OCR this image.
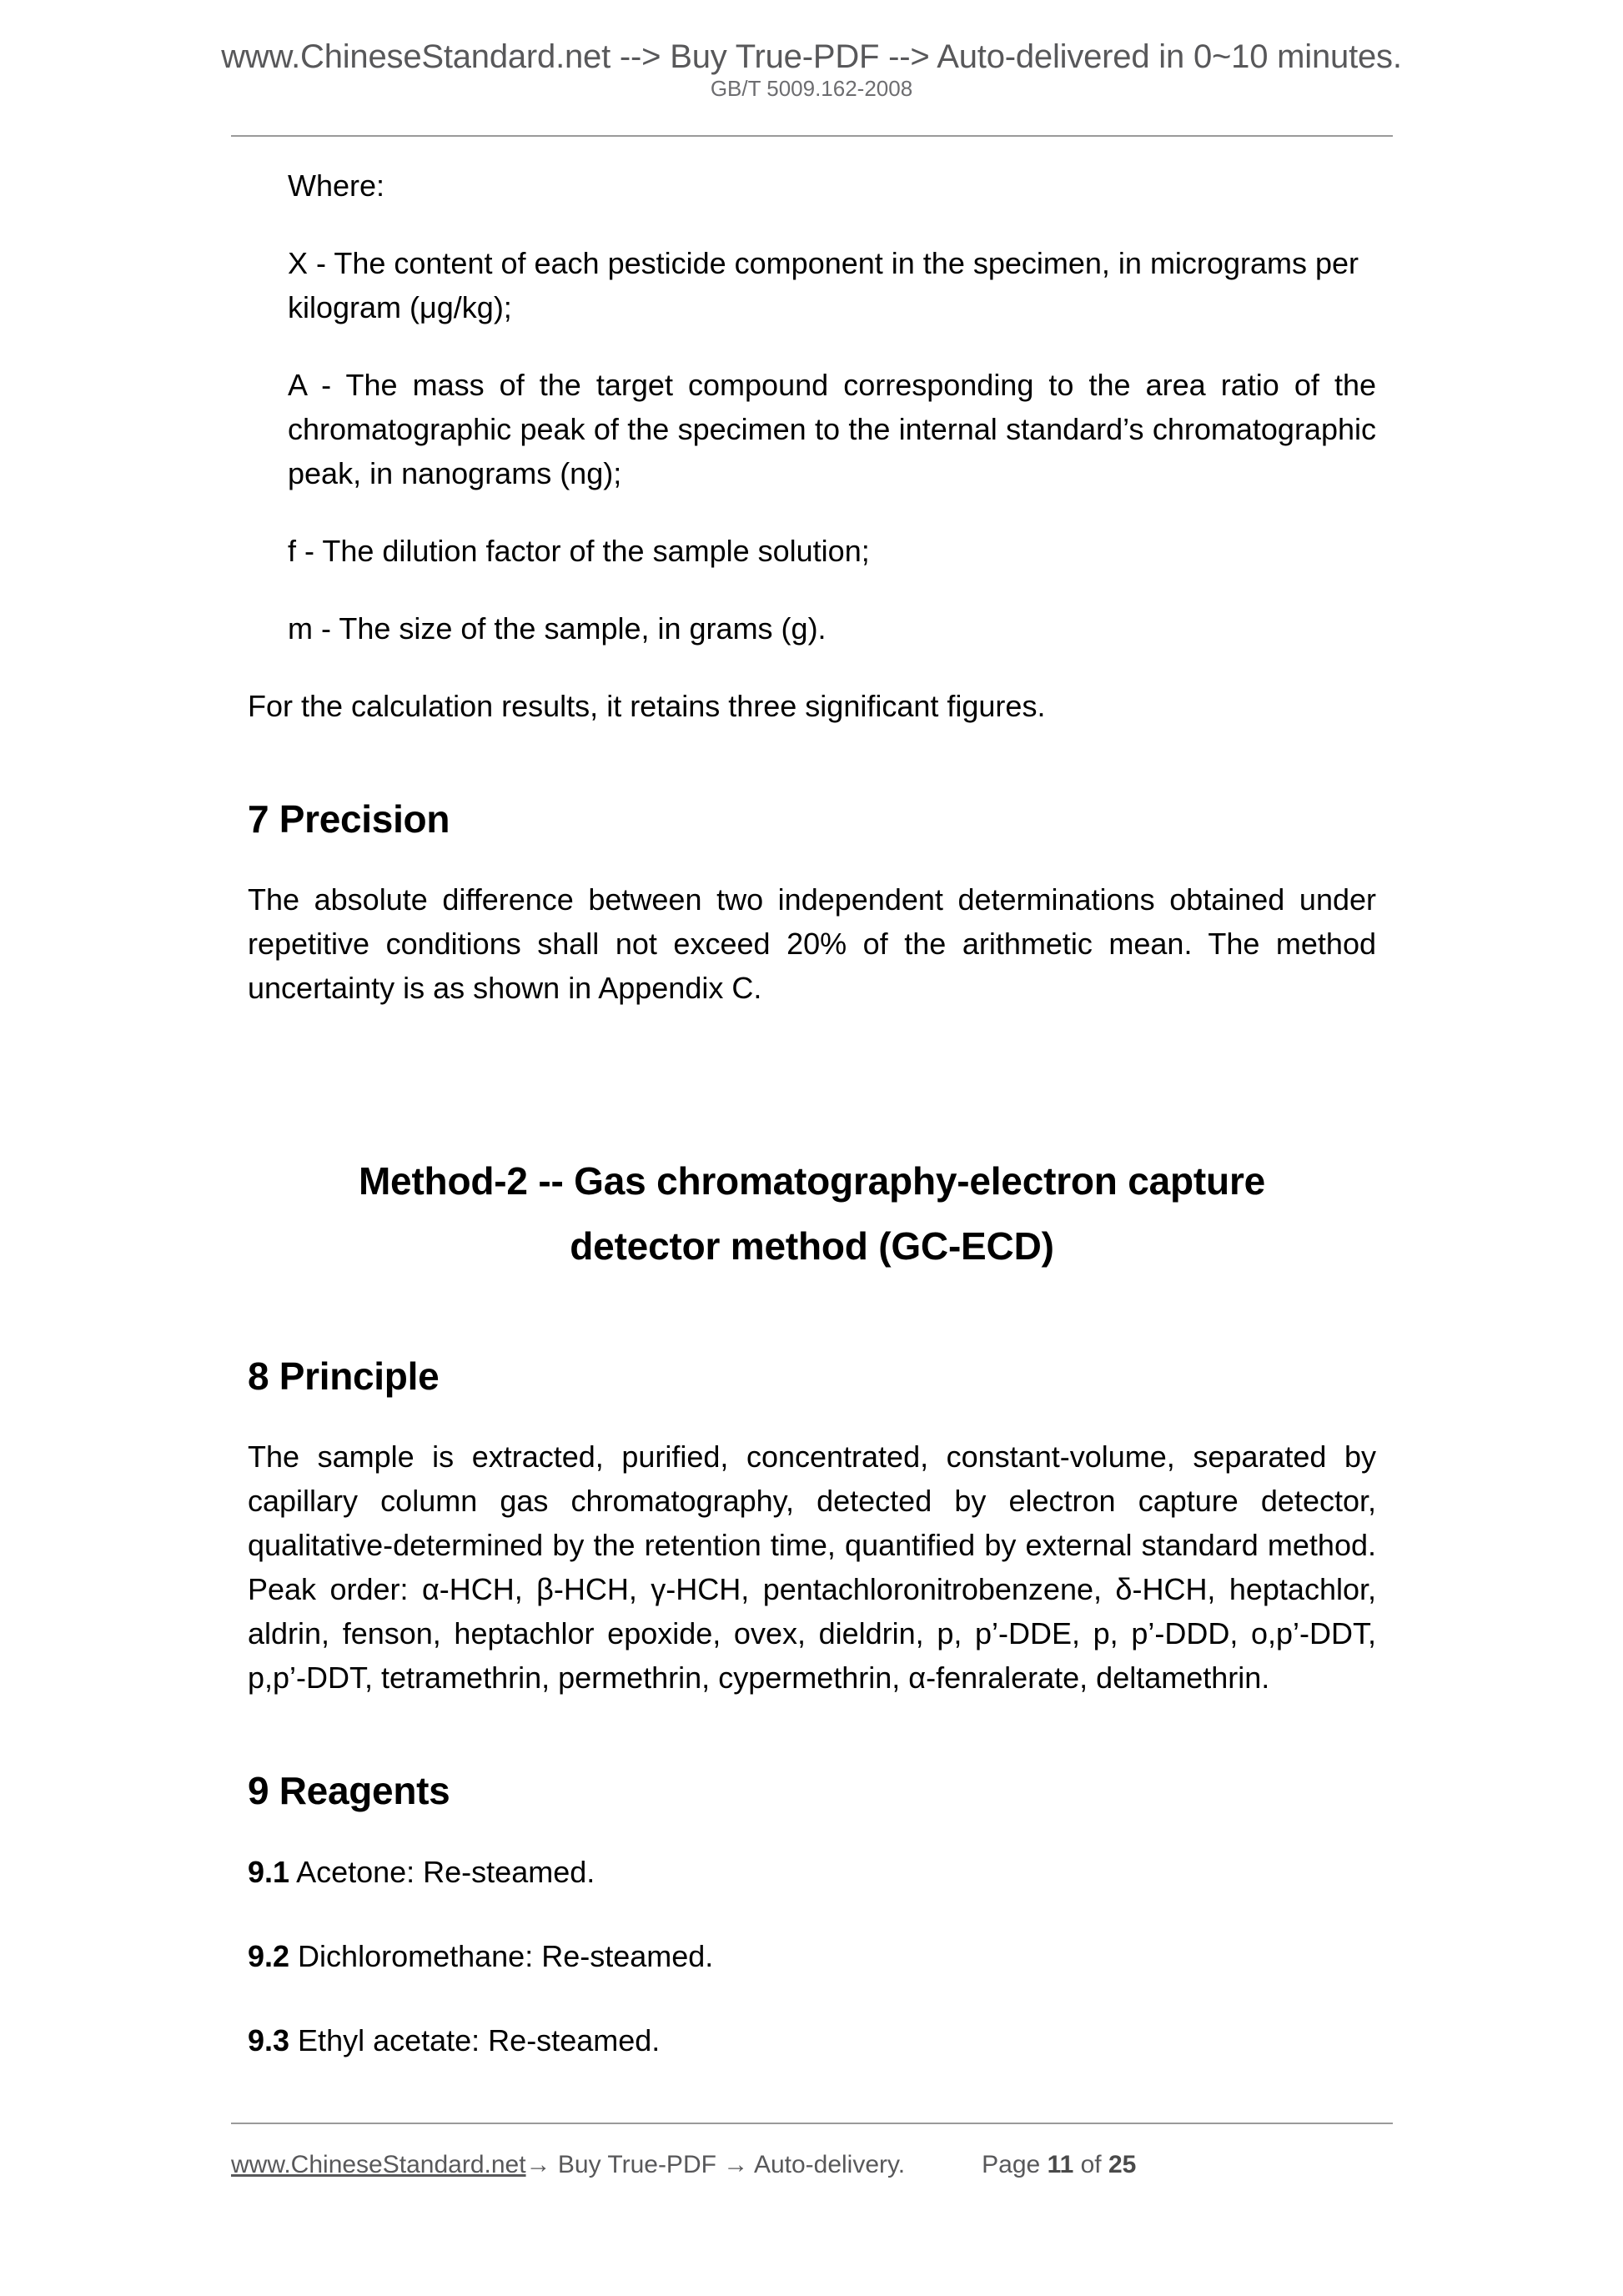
www.ChineseStandard.net --> Buy True-PDF --> Auto-delivered in 0~10 minutes.
GB/T 5009.162-2008

Where:

X - The content of each pesticide component in the specimen, in micrograms per kilogram (μg/kg);

A - The mass of the target compound corresponding to the area ratio of the chromatographic peak of the specimen to the internal standard’s chromatographic peak, in nanograms (ng);

f - The dilution factor of the sample solution;

m - The size of the sample, in grams (g).

For the calculation results, it retains three significant figures.

7 Precision

The absolute difference between two independent determinations obtained under repetitive conditions shall not exceed 20% of the arithmetic mean. The method uncertainty is as shown in Appendix C.

Method-2 -- Gas chromatography-electron capture
detector method (GC-ECD)
8 Principle

The sample is extracted, purified, concentrated, constant-volume, separated by capillary column gas chromatography, detected by electron capture detector, qualitative-determined by the retention time, quantified by external standard method. Peak order: α-HCH, β-HCH, γ-HCH, pentachloronitrobenzene, δ-HCH, heptachlor, aldrin, fenson, heptachlor epoxide, ovex, dieldrin, p, p’-DDE, p, p’-DDD, o,p’-DDT, p,p’-DDT, tetramethrin, permethrin, cypermethrin, α-fenralerate, deltamethrin.

9 Reagents

9.1 Acetone: Re-steamed.

9.2 Dichloromethane: Re-steamed.

9.3 Ethyl acetate: Re-steamed.

www.ChineseStandard.net→ Buy True-PDF → Auto-delivery.	Page 11 of 25
